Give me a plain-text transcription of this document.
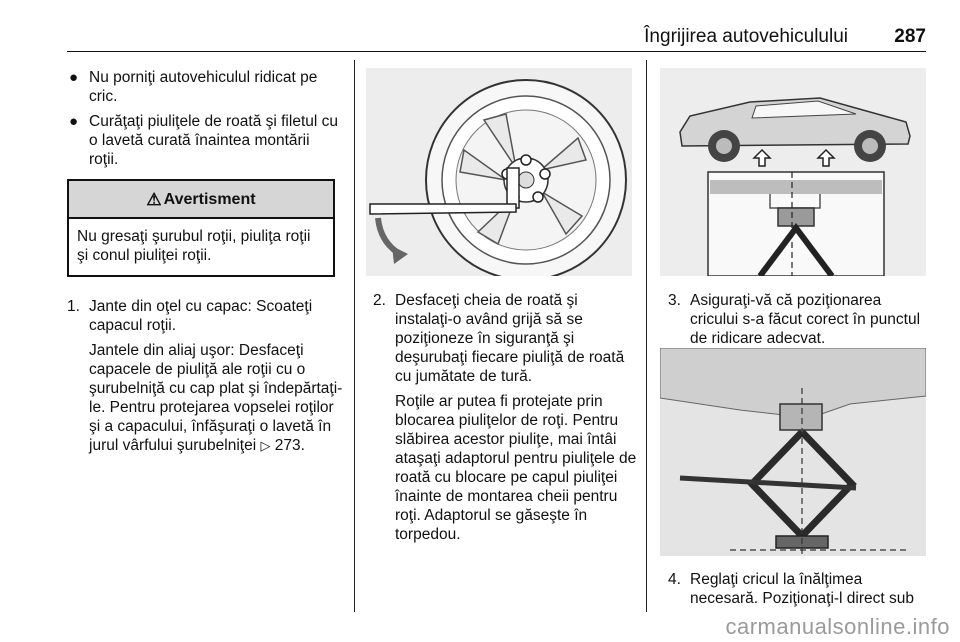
Îngrijirea autovehiculului 287
● Nu porniţi autovehiculul ridicat pe cric.
● Curăţaţi piuliţele de roată şi filetul cu o lavetă curată înaintea montării roţii.
⚠ Avertisment
Nu gresaţi şurubul roţii, piuliţa roţii şi conul piuliţei roţii.
1. Jante din oţel cu capac: Scoateţi capacul roţii.
Jantele din aliaj uşor: Desfaceţi capacele de piuliţă ale roţii cu o şurubelniţă cu cap plat şi îndepărtaţi-le. Pentru protejarea vopselei roţilor şi a capacului, înfăşuraţi o lavetă în jurul vârfului şurubelniţei ▷ 273.
2. Desfaceţi cheia de roată şi instalaţi-o având grijă să se poziţioneze în siguranţă şi deşurubaţi fiecare piuliţă de roată cu jumătate de tură.
Roţile ar putea fi protejate prin blocarea piuliţelor de roţi. Pentru slăbirea acestor piuliţe, mai întâi ataşaţi adaptorul pentru piuliţele de roată cu blocare pe capul piuliţei înainte de montarea cheii pentru roţi. Adaptorul se găseşte în torpedou.
3. Asiguraţi-vă că poziţionarea cricului s-a făcut corect în punctul de ridicare adecvat.
4. Reglaţi cricul la înălţimea necesară. Poziţionaţi-l direct sub
carmanualsonline.info
